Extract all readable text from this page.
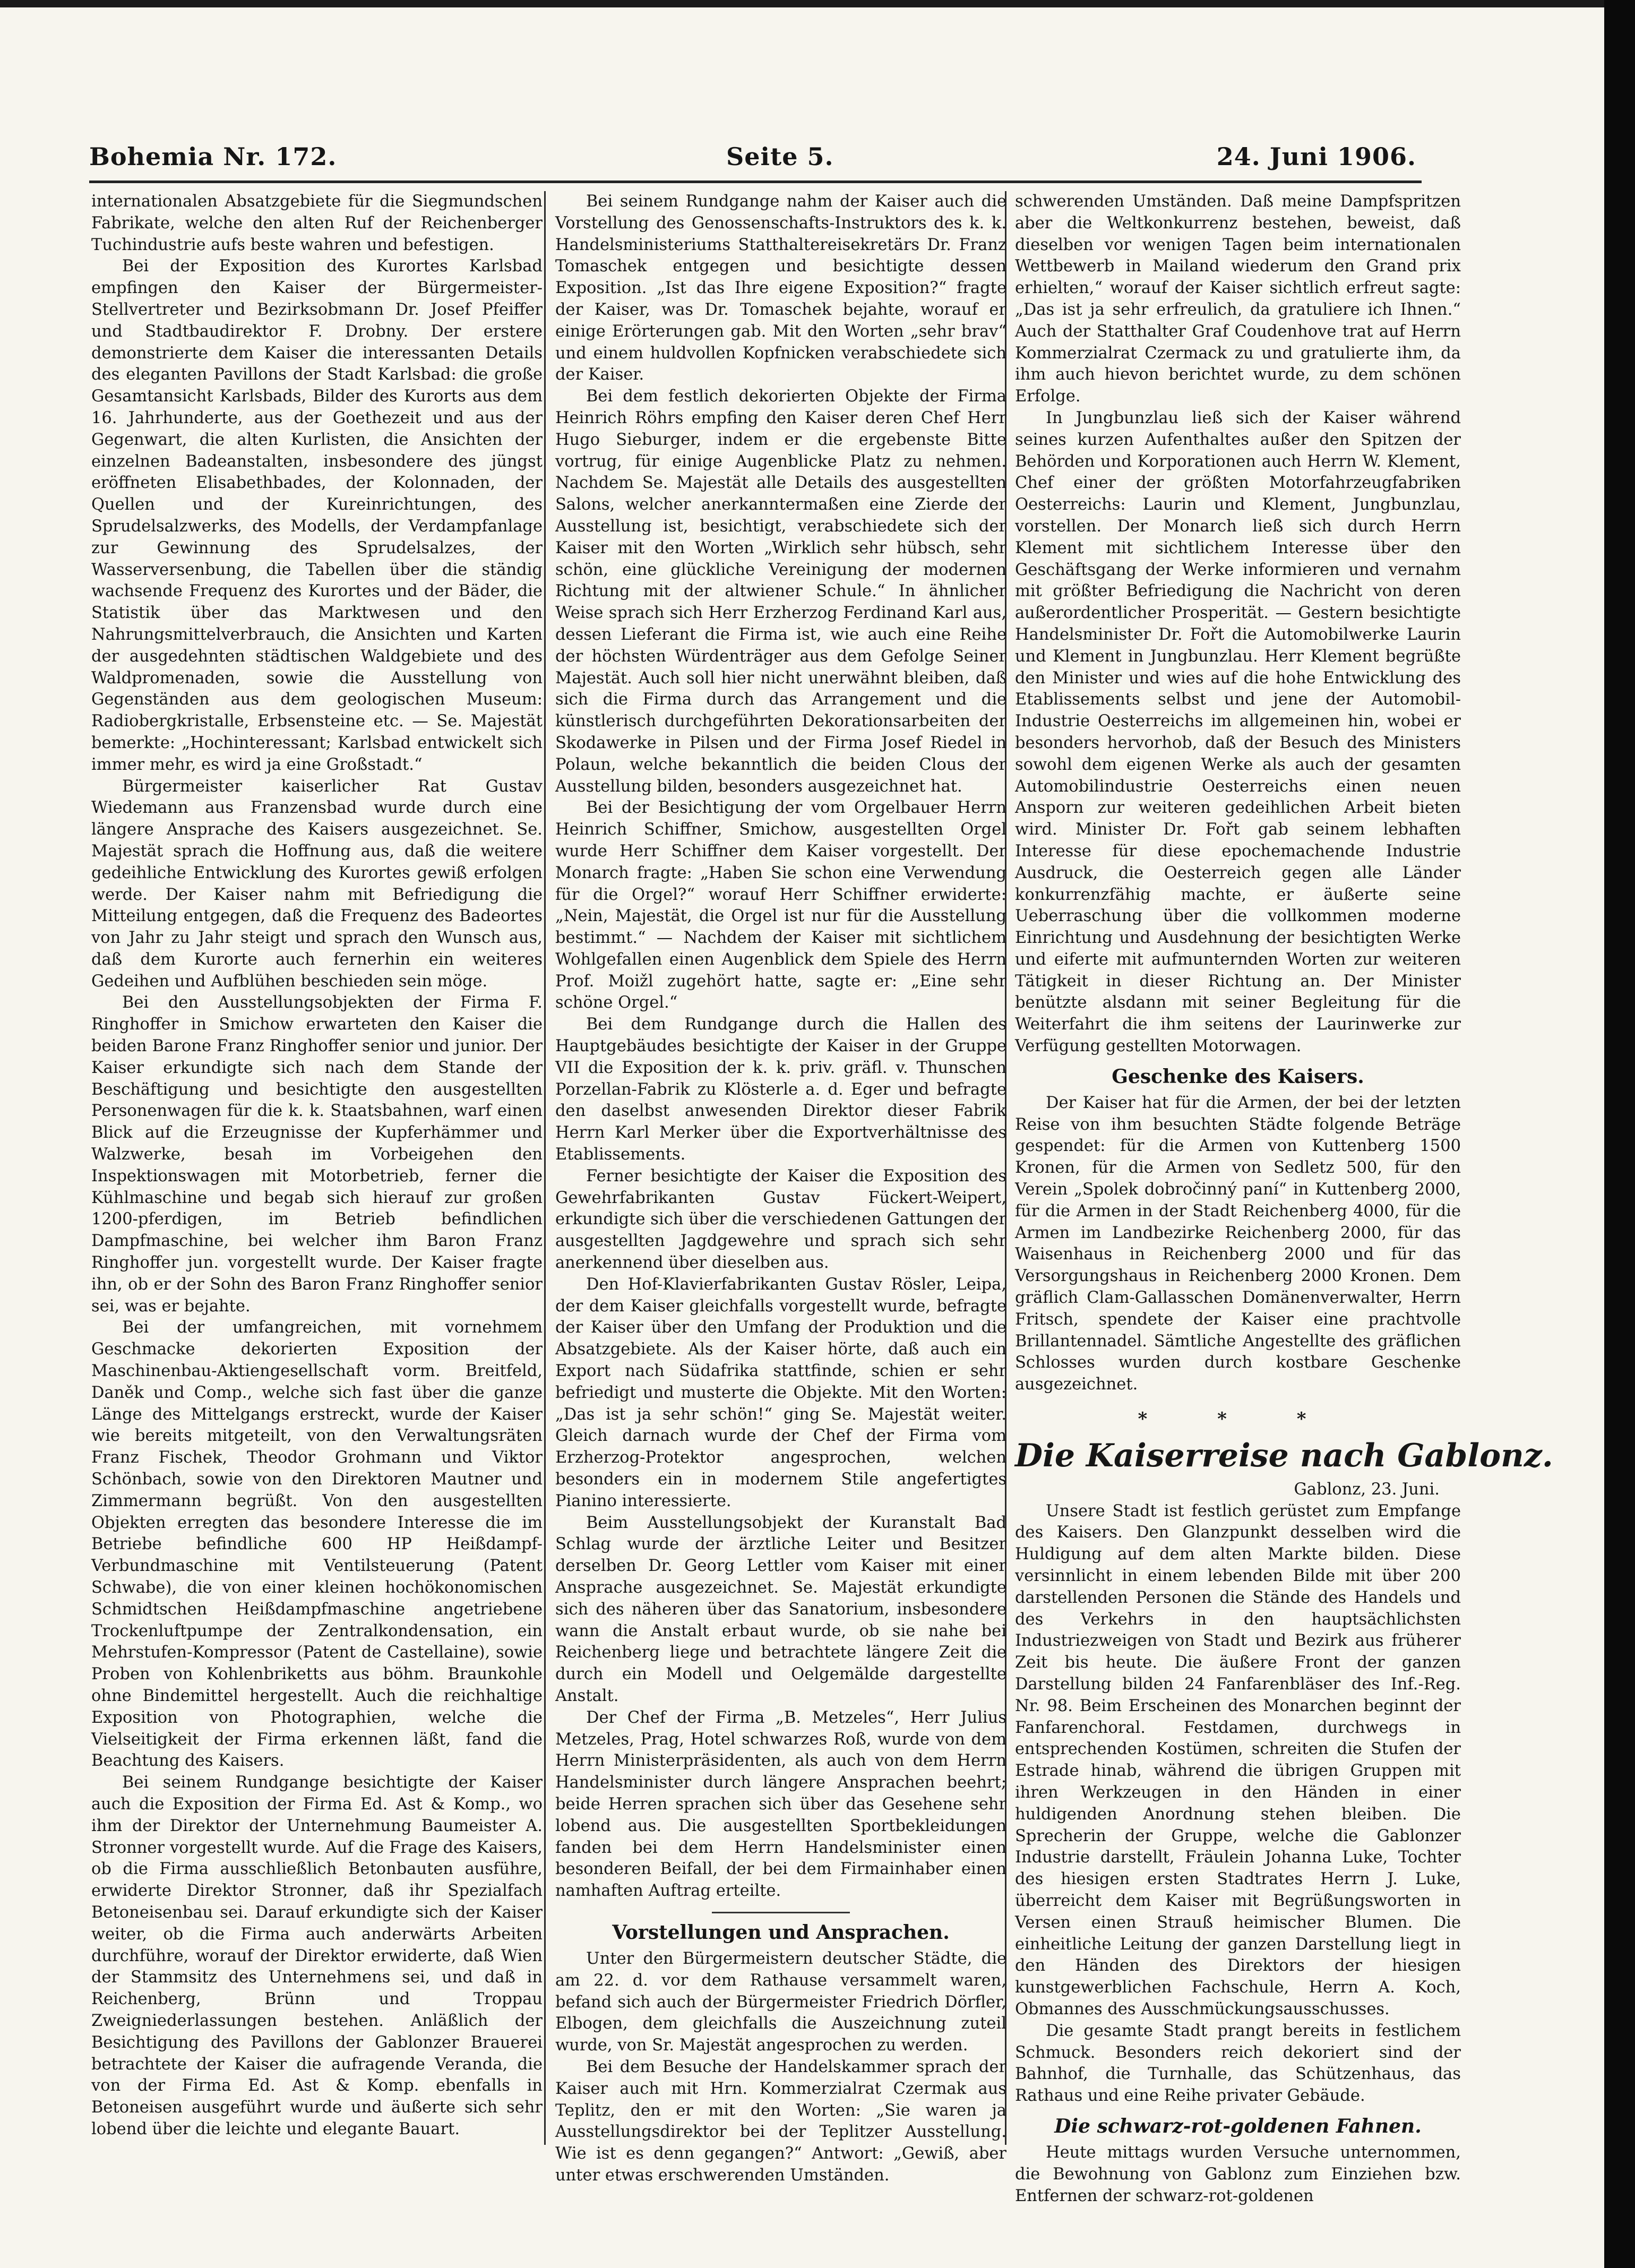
Bohemia Nr. 172.	Seite 5.	24. Juni 1906.

internationalen Absatzgebiete für die Siegmundschen Fabrikate, welche den alten Ruf der Reichenberger Tuchindustrie aufs beste wahren und befestigen.

Bei der Exposition des Kurortes Karlsbad empfingen den Kaiser der Bürgermeister-Stellvertreter und Bezirksobmann Dr. Josef Pfeiffer und Stadtbaudirektor F. Drobny. Der erstere demonstrierte dem Kaiser die interessanten Details des eleganten Pavillons der Stadt Karlsbad: die große Gesamtansicht Karlsbads, Bilder des Kurorts aus dem 16. Jahrhunderte, aus der Goethezeit und aus der Gegenwart, die alten Kurlisten, die Ansichten der einzelnen Badeanstalten, insbesondere des jüngst eröffneten Elisabethbades, der Kolonnaden, der Quellen und der Kureinrichtungen, des Sprudelsalzwerks, des Modells, der Verdampfanlage zur Gewinnung des Sprudelsalzes, der Wasserversenbung, die Tabellen über die ständig wachsende Frequenz des Kurortes und der Bäder, die Statistik über das Marktwesen und den Nahrungsmittelverbrauch, die Ansichten und Karten der ausgedehnten städtischen Waldgebiete und des Waldpromenaden, sowie die Ausstellung von Gegenständen aus dem geologischen Museum: Radiobergkristalle, Erbsensteine etc. — Se. Majestät bemerkte: „Hochinteressant; Karlsbad entwickelt sich immer mehr, es wird ja eine Großstadt.“

Bürgermeister kaiserlicher Rat Gustav Wiedemann aus Franzensbad wurde durch eine längere Ansprache des Kaisers ausgezeichnet. Se. Majestät sprach die Hoffnung aus, daß die weitere gedeihliche Entwicklung des Kurortes gewiß erfolgen werde. Der Kaiser nahm mit Befriedigung die Mitteilung entgegen, daß die Frequenz des Badeortes von Jahr zu Jahr steigt und sprach den Wunsch aus, daß dem Kurorte auch fernerhin ein weiteres Gedeihen und Aufblühen beschieden sein möge.

Bei den Ausstellungsobjekten der Firma F. Ringhoffer in Smichow erwarteten den Kaiser die beiden Barone Franz Ringhoffer senior und junior. Der Kaiser erkundigte sich nach dem Stande der Beschäftigung und besichtigte den ausgestellten Personenwagen für die k. k. Staatsbahnen, warf einen Blick auf die Erzeugnisse der Kupferhämmer und Walzwerke, besah im Vorbeigehen den Inspektionswagen mit Motorbetrieb, ferner die Kühlmaschine und begab sich hierauf zur großen 1200-pferdigen, im Betrieb befindlichen Dampfmaschine, bei welcher ihm Baron Franz Ringhoffer jun. vorgestellt wurde. Der Kaiser fragte ihn, ob er der Sohn des Baron Franz Ringhoffer senior sei, was er bejahte.

Bei der umfangreichen, mit vornehmem Geschmacke dekorierten Exposition der Maschinenbau-Aktiengesellschaft vorm. Breitfeld, Daněk und Comp., welche sich fast über die ganze Länge des Mittelgangs erstreckt, wurde der Kaiser wie bereits mitgeteilt, von den Verwaltungsräten Franz Fischek, Theodor Grohmann und Viktor Schönbach, sowie von den Direktoren Mautner und Zimmermann begrüßt. Von den ausgestellten Objekten erregten das besondere Interesse die im Betriebe befindliche 600 HP Heißdampf-Verbundmaschine mit Ventilsteuerung (Patent Schwabe), die von einer kleinen hochökonomischen Schmidtschen Heißdampfmaschine angetriebene Trockenluftpumpe der Zentralkondensation, ein Mehrstufen-Kompressor (Patent de Castellaine), sowie Proben von Kohlenbriketts aus böhm. Braunkohle ohne Bindemittel hergestellt. Auch die reichhaltige Exposition von Photographien, welche die Vielseitigkeit der Firma erkennen läßt, fand die Beachtung des Kaisers.

Bei seinem Rundgange besichtigte der Kaiser auch die Exposition der Firma Ed. Ast & Komp., wo ihm der Direktor der Unternehmung Baumeister A. Stronner vorgestellt wurde. Auf die Frage des Kaisers, ob die Firma ausschließlich Betonbauten ausführe, erwiderte Direktor Stronner, daß ihr Spezialfach Betoneisenbau sei. Darauf erkundigte sich der Kaiser weiter, ob die Firma auch anderwärts Arbeiten durchführe, worauf der Direktor erwiderte, daß Wien der Stammsitz des Unternehmens sei, und daß in Reichenberg, Brünn und Troppau Zweigniederlassungen bestehen. Anläßlich der Besichtigung des Pavillons der Gablonzer Brauerei betrachtete der Kaiser die aufragende Veranda, die von der Firma Ed. Ast & Komp. ebenfalls in Betoneisen ausgeführt wurde und äußerte sich sehr lobend über die leichte und elegante Bauart.

Bei seinem Rundgange nahm der Kaiser auch die Vorstellung des Genossenschafts-Instruktors des k. k. Handelsministeriums Statthaltereisekretärs Dr. Franz Tomaschek entgegen und besichtigte dessen Exposition. „Ist das Ihre eigene Exposition?“ fragte der Kaiser, was Dr. Tomaschek bejahte, worauf er einige Erörterungen gab. Mit den Worten „sehr brav“ und einem huldvollen Kopfnicken verabschiedete sich der Kaiser.

Bei dem festlich dekorierten Objekte der Firma Heinrich Röhrs empfing den Kaiser deren Chef Herr Hugo Sieburger, indem er die ergebenste Bitte vortrug, für einige Augenblicke Platz zu nehmen. Nachdem Se. Majestät alle Details des ausgestellten Salons, welcher anerkanntermaßen eine Zierde der Ausstellung ist, besichtigt, verabschiedete sich der Kaiser mit den Worten „Wirklich sehr hübsch, sehr schön, eine glückliche Vereinigung der modernen Richtung mit der altwiener Schule.“ In ähnlicher Weise sprach sich Herr Erzherzog Ferdinand Karl aus, dessen Lieferant die Firma ist, wie auch eine Reihe der höchsten Würdenträger aus dem Gefolge Seiner Majestät. Auch soll hier nicht unerwähnt bleiben, daß sich die Firma durch das Arrangement und die künstlerisch durchgeführten Dekorationsarbeiten der Skodawerke in Pilsen und der Firma Josef Riedel in Polaun, welche bekanntlich die beiden Clous der Ausstellung bilden, besonders ausgezeichnet hat.

Bei der Besichtigung der vom Orgelbauer Herrn Heinrich Schiffner, Smichow, ausgestellten Orgel wurde Herr Schiffner dem Kaiser vorgestellt. Der Monarch fragte: „Haben Sie schon eine Verwendung für die Orgel?“ worauf Herr Schiffner erwiderte: „Nein, Majestät, die Orgel ist nur für die Ausstellung bestimmt.“ — Nachdem der Kaiser mit sichtlichem Wohlgefallen einen Augenblick dem Spiele des Herrn Prof. Moižl zugehört hatte, sagte er: „Eine sehr schöne Orgel.“

Bei dem Rundgange durch die Hallen des Hauptgebäudes besichtigte der Kaiser in der Gruppe VII die Exposition der k. k. priv. gräfl. v. Thunschen Porzellan-Fabrik zu Klösterle a. d. Eger und befragte den daselbst anwesenden Direktor dieser Fabrik Herrn Karl Merker über die Exportverhältnisse des Etablissements.

Ferner besichtigte der Kaiser die Exposition des Gewehrfabrikanten Gustav Fückert-Weipert, erkundigte sich über die verschiedenen Gattungen der ausgestellten Jagdgewehre und sprach sich sehr anerkennend über dieselben aus.

Den Hof-Klavierfabrikanten Gustav Rösler, Leipa, der dem Kaiser gleichfalls vorgestellt wurde, befragte der Kaiser über den Umfang der Produktion und die Absatzgebiete. Als der Kaiser hörte, daß auch ein Export nach Südafrika stattfinde, schien er sehr befriedigt und musterte die Objekte. Mit den Worten: „Das ist ja sehr schön!“ ging Se. Majestät weiter. Gleich darnach wurde der Chef der Firma vom Erzherzog-Protektor angesprochen, welchen besonders ein in modernem Stile angefertigtes Pianino interessierte.

Beim Ausstellungsobjekt der Kuranstalt Bad Schlag wurde der ärztliche Leiter und Besitzer derselben Dr. Georg Lettler vom Kaiser mit einer Ansprache ausgezeichnet. Se. Majestät erkundigte sich des näheren über das Sanatorium, insbesondere wann die Anstalt erbaut wurde, ob sie nahe bei Reichenberg liege und betrachtete längere Zeit die durch ein Modell und Oelgemälde dargestellte Anstalt.

Der Chef der Firma „B. Metzeles“, Herr Julius Metzeles, Prag, Hotel schwarzes Roß, wurde von dem Herrn Ministerpräsidenten, als auch von dem Herrn Handelsminister durch längere Ansprachen beehrt; beide Herren sprachen sich über das Gesehene sehr lobend aus. Die ausgestellten Sportbekleidungen fanden bei dem Herrn Handelsminister einen besonderen Beifall, der bei dem Firmainhaber einen namhaften Auftrag erteilte.

Vorstellungen und Ansprachen.

Unter den Bürgermeistern deutscher Städte, die am 22. d. vor dem Rathause versammelt waren, befand sich auch der Bürgermeister Friedrich Dörfler, Elbogen, dem gleichfalls die Auszeichnung zuteil wurde, von Sr. Majestät angesprochen zu werden.

Bei dem Besuche der Handelskammer sprach der Kaiser auch mit Hrn. Kommerzialrat Czermak aus Teplitz, den er mit den Worten: „Sie waren ja Ausstellungsdirektor bei der Teplitzer Ausstellung. Wie ist es denn gegangen?“ Antwort: „Gewiß, aber unter etwas erschwerenden Umständen.

schwerenden Umständen. Daß meine Dampfspritzen aber die Weltkonkurrenz bestehen, beweist, daß dieselben vor wenigen Tagen beim internationalen Wettbewerb in Mailand wiederum den Grand prix erhielten,“ worauf der Kaiser sichtlich erfreut sagte: „Das ist ja sehr erfreulich, da gratuliere ich Ihnen.“ Auch der Statthalter Graf Coudenhove trat auf Herrn Kommerzialrat Czermack zu und gratulierte ihm, da ihm auch hievon berichtet wurde, zu dem schönen Erfolge.

In Jungbunzlau ließ sich der Kaiser während seines kurzen Aufenthaltes außer den Spitzen der Behörden und Korporationen auch Herrn W. Klement, Chef einer der größten Motorfahrzeugfabriken Oesterreichs: Laurin und Klement, Jungbunzlau, vorstellen. Der Monarch ließ sich durch Herrn Klement mit sichtlichem Interesse über den Geschäftsgang der Werke informieren und vernahm mit größter Befriedigung die Nachricht von deren außerordentlicher Prosperität. — Gestern besichtigte Handelsminister Dr. Fořt die Automobilwerke Laurin und Klement in Jungbunzlau. Herr Klement begrüßte den Minister und wies auf die hohe Entwicklung des Etablissements selbst und jene der Automobil-Industrie Oesterreichs im allgemeinen hin, wobei er besonders hervorhob, daß der Besuch des Ministers sowohl dem eigenen Werke als auch der gesamten Automobilindustrie Oesterreichs einen neuen Ansporn zur weiteren gedeihlichen Arbeit bieten wird. Minister Dr. Fořt gab seinem lebhaften Interesse für diese epochemachende Industrie Ausdruck, die Oesterreich gegen alle Länder konkurrenzfähig machte, er äußerte seine Ueberraschung über die vollkommen moderne Einrichtung und Ausdehnung der besichtigten Werke und eiferte mit aufmunternden Worten zur weiteren Tätigkeit in dieser Richtung an. Der Minister benützte alsdann mit seiner Begleitung für die Weiterfahrt die ihm seitens der Laurinwerke zur Verfügung gestellten Motorwagen.

Geschenke des Kaisers.

Der Kaiser hat für die Armen, der bei der letzten Reise von ihm besuchten Städte folgende Beträge gespendet: für die Armen von Kuttenberg 1500 Kronen, für die Armen von Sedletz 500, für den Verein „Spolek dobročinný paní“ in Kuttenberg 2000, für die Armen in der Stadt Reichenberg 4000, für die Armen im Landbezirke Reichenberg 2000, für das Waisenhaus in Reichenberg 2000 und für das Versorgungshaus in Reichenberg 2000 Kronen. Dem gräflich Clam-Gallasschen Domänenverwalter, Herrn Fritsch, spendete der Kaiser eine prachtvolle Brillantennadel. Sämtliche Angestellte des gräflichen Schlosses wurden durch kostbare Geschenke ausgezeichnet.

* * *
Die Kaiserreise nach Gablonz.

Gablonz, 23. Juni.

Unsere Stadt ist festlich gerüstet zum Empfange des Kaisers. Den Glanzpunkt desselben wird die Huldigung auf dem alten Markte bilden. Diese versinnlicht in einem lebenden Bilde mit über 200 darstellenden Personen die Stände des Handels und des Verkehrs in den hauptsächlichsten Industriezweigen von Stadt und Bezirk aus früherer Zeit bis heute. Die äußere Front der ganzen Darstellung bilden 24 Fanfarenbläser des Inf.-Reg. Nr. 98. Beim Erscheinen des Monarchen beginnt der Fanfarenchoral. Festdamen, durchwegs in entsprechenden Kostümen, schreiten die Stufen der Estrade hinab, während die übrigen Gruppen mit ihren Werkzeugen in den Händen in einer huldigenden Anordnung stehen bleiben. Die Sprecherin der Gruppe, welche die Gablonzer Industrie darstellt, Fräulein Johanna Luke, Tochter des hiesigen ersten Stadtrates Herrn J. Luke, überreicht dem Kaiser mit Begrüßungsworten in Versen einen Strauß heimischer Blumen. Die einheitliche Leitung der ganzen Darstellung liegt in den Händen des Direktors der hiesigen kunstgewerblichen Fachschule, Herrn A. Koch, Obmannes des Ausschmückungsausschusses.

Die gesamte Stadt prangt bereits in festlichem Schmuck. Besonders reich dekoriert sind der Bahnhof, die Turnhalle, das Schützenhaus, das Rathaus und eine Reihe privater Gebäude.

Die schwarz-rot-goldenen Fahnen.

Heute mittags wurden Versuche unternommen, die Bewohnung von Gablonz zum Einziehen bzw. Entfernen der schwarz-rot-goldenen
